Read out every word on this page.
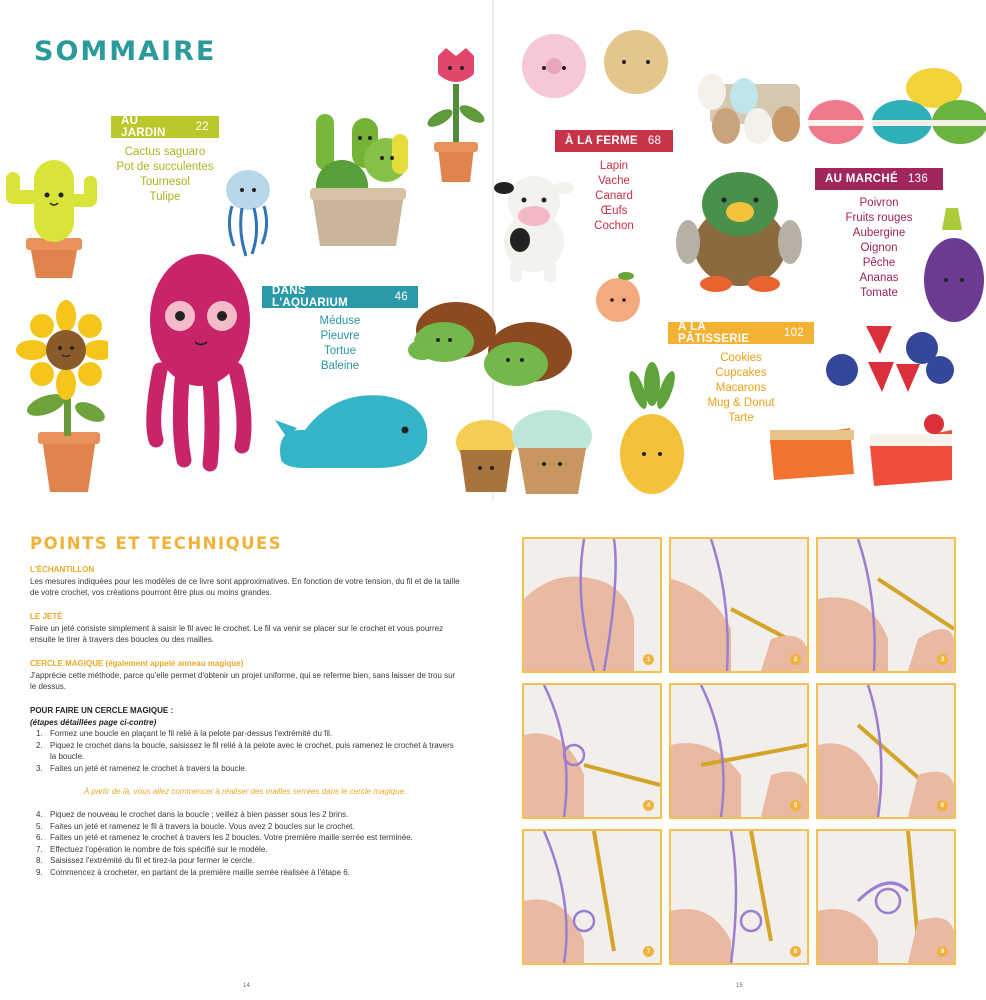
SOMMAIRE
AU JARDIN	22
Cactus saguaro
Pot de succulentes
Tournesol
Tulipe
DANS L'AQUARIUM	46
Méduse
Pieuvre
Tortue
Baleine
À LA FERME 68
Lapin
Vache
Canard
Œufs
Cochon
AU MARCHÉ 136
Poivron
Fruits rouges
Aubergine
Oignon
Pêche
Ananas
Tomate
À LA PÂTISSERIE	102
Cookies
Cupcakes
Macarons
Mug & Donut
Tarte
POINTS ET TECHNIQUES
L'ÉCHANTILLON
Les mesures indiquées pour les modèles de ce livre sont approximatives. En fonction de votre tension, du fil et de la taille de votre crochet, vos créations pourront être plus ou moins grandes.
LE JETÉ
Faire un jeté consiste simplement à saisir le fil avec le crochet. Le fil va venir se placer sur le crochet et vous pourrez ensuite le tirer à travers des boucles ou des mailles.
CERCLE MAGIQUE (également appelé anneau magique)
J'apprécie cette méthode, parce qu'elle permet d'obtenir un projet uniforme, qui se referme bien, sans laisser de trou sur le dessus.
POUR FAIRE UN CERCLE MAGIQUE :
(étapes détaillées page ci-contre)
1. Formez une boucle en plaçant le fil relié à la pelote par-dessus l'extrémité du fil.
2. Piquez le crochet dans la boucle, saisissez le fil relié à la pelote avec le crochet, puis ramenez le crochet à travers la boucle.
3. Faites un jeté et ramenez le crochet à travers la boucle.
À partir de là, vous allez commencer à réaliser des mailles serrées dans le cercle magique.
4. Piquez de nouveau le crochet dans la boucle ; veillez à bien passer sous les 2 brins.
5. Faites un jeté et ramenez le fil à travers la boucle. Vous avez 2 boucles sur le crochet.
6. Faites un jeté et ramenez le crochet à travers les 2 boucles. Votre première maille serrée est terminée.
7. Effectuez l'opération le nombre de fois spécifié sur le modèle.
8. Saisissez l'extrémité du fil et tirez-la pour fermer le cercle.
9. Commencez à crocheter, en partant de la première maille serrée réalisée à l'étape 6.
1	2	3
4	5	6
7	8	9
14	15
